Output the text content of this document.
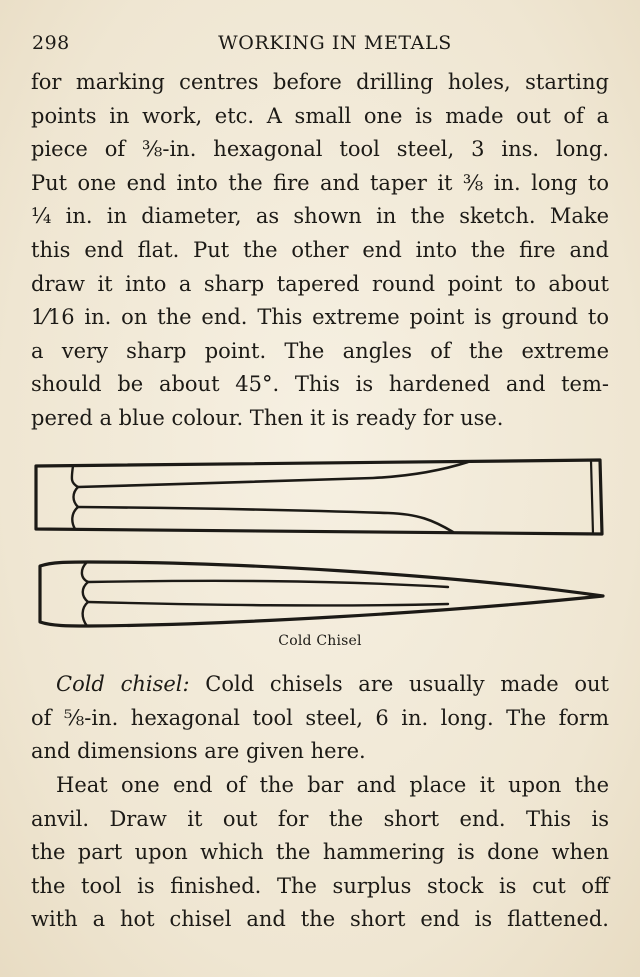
298	WORKING IN METALS
for marking centres before drilling holes, starting
points in work, etc. A small one is made out of a
piece of ⅜-in. hexagonal tool steel, 3 ins. long.
Put one end into the fire and taper it ⅜ in. long to
¼ in. in diameter, as shown in the sketch. Make
this end flat. Put the other end into the fire and
draw it into a sharp tapered round point to about
1⁄16 in. on the end. This extreme point is ground to
a very sharp point. The angles of the extreme
should be about 45°. This is hardened and tem-
pered a blue colour. Then it is ready for use.
Cold Chisel
Cold chisel: Cold chisels are usually made out
of ⅝-in. hexagonal tool steel, 6 in. long. The form
and dimensions are given here.
Heat one end of the bar and place it upon the
anvil. Draw it out for the short end. This is
the part upon which the hammering is done when
the tool is finished. The surplus stock is cut off
with a hot chisel and the short end is flattened.
